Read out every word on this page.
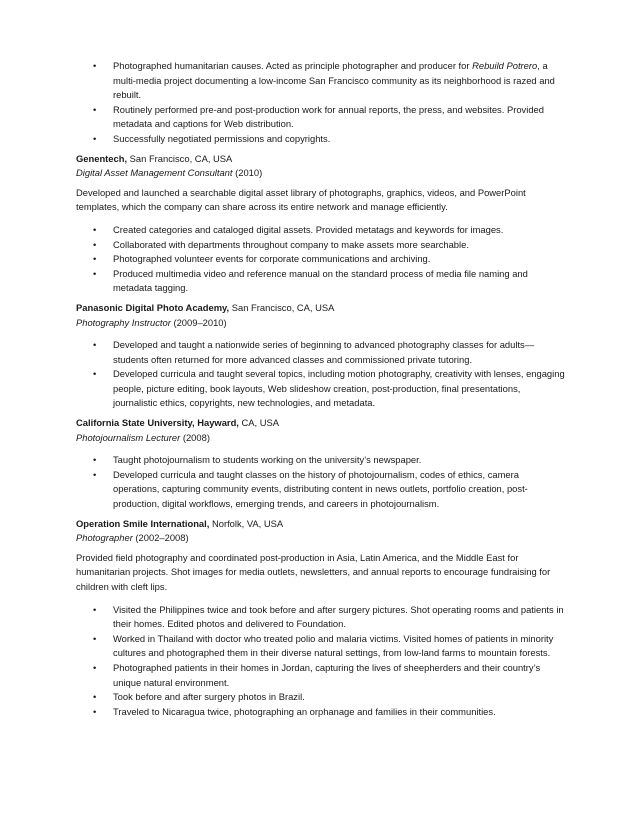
• Photographed humanitarian causes. Acted as principle photographer and producer for Rebuild Potrero, a multi-media project documenting a low-income San Francisco community as its neighborhood is razed and rebuilt.
• Routinely performed pre-and post-production work for annual reports, the press, and websites. Provided metadata and captions for Web distribution.
• Successfully negotiated permissions and copyrights.
Genentech, San Francisco, CA, USA
Digital Asset Management Consultant (2010)

Developed and launched a searchable digital asset library of photographs, graphics, videos, and PowerPoint templates, which the company can share across its entire network and manage efficiently.

• Created categories and cataloged digital assets. Provided metatags and keywords for images.
• Collaborated with departments throughout company to make assets more searchable.
• Photographed volunteer events for corporate communications and archiving.
• Produced multimedia video and reference manual on the standard process of media file naming and metadata tagging.
Panasonic Digital Photo Academy, San Francisco, CA, USA
Photography Instructor (2009–2010)
• Developed and taught a nationwide series of beginning to advanced photography classes for adults—students often returned for more advanced classes and commissioned private tutoring.
• Developed curricula and taught several topics, including motion photography, creativity with lenses, engaging people, picture editing, book layouts, Web slideshow creation, post-production, final presentations, journalistic ethics, copyrights, new technologies, and metadata.
California State University, Hayward, CA, USA
Photojournalism Lecturer (2008)
• Taught photojournalism to students working on the university’s newspaper.
• Developed curricula and taught classes on the history of photojournalism, codes of ethics, camera operations, capturing community events, distributing content in news outlets, portfolio creation, post-production, digital workflows, emerging trends, and careers in photojournalism.
Operation Smile International, Norfolk, VA, USA
Photographer (2002–2008)

Provided field photography and coordinated post-production in Asia, Latin America, and the Middle East for humanitarian projects. Shot images for media outlets, newsletters, and annual reports to encourage fundraising for children with cleft lips.

• Visited the Philippines twice and took before and after surgery pictures. Shot operating rooms and patients in their homes. Edited photos and delivered to Foundation.
• Worked in Thailand with doctor who treated polio and malaria victims. Visited homes of patients in minority cultures and photographed them in their diverse natural settings, from low-land farms to mountain forests.
• Photographed patients in their homes in Jordan, capturing the lives of sheepherders and their country’s unique natural environment.
• Took before and after surgery photos in Brazil.
• Traveled to Nicaragua twice, photographing an orphanage and families in their communities.
